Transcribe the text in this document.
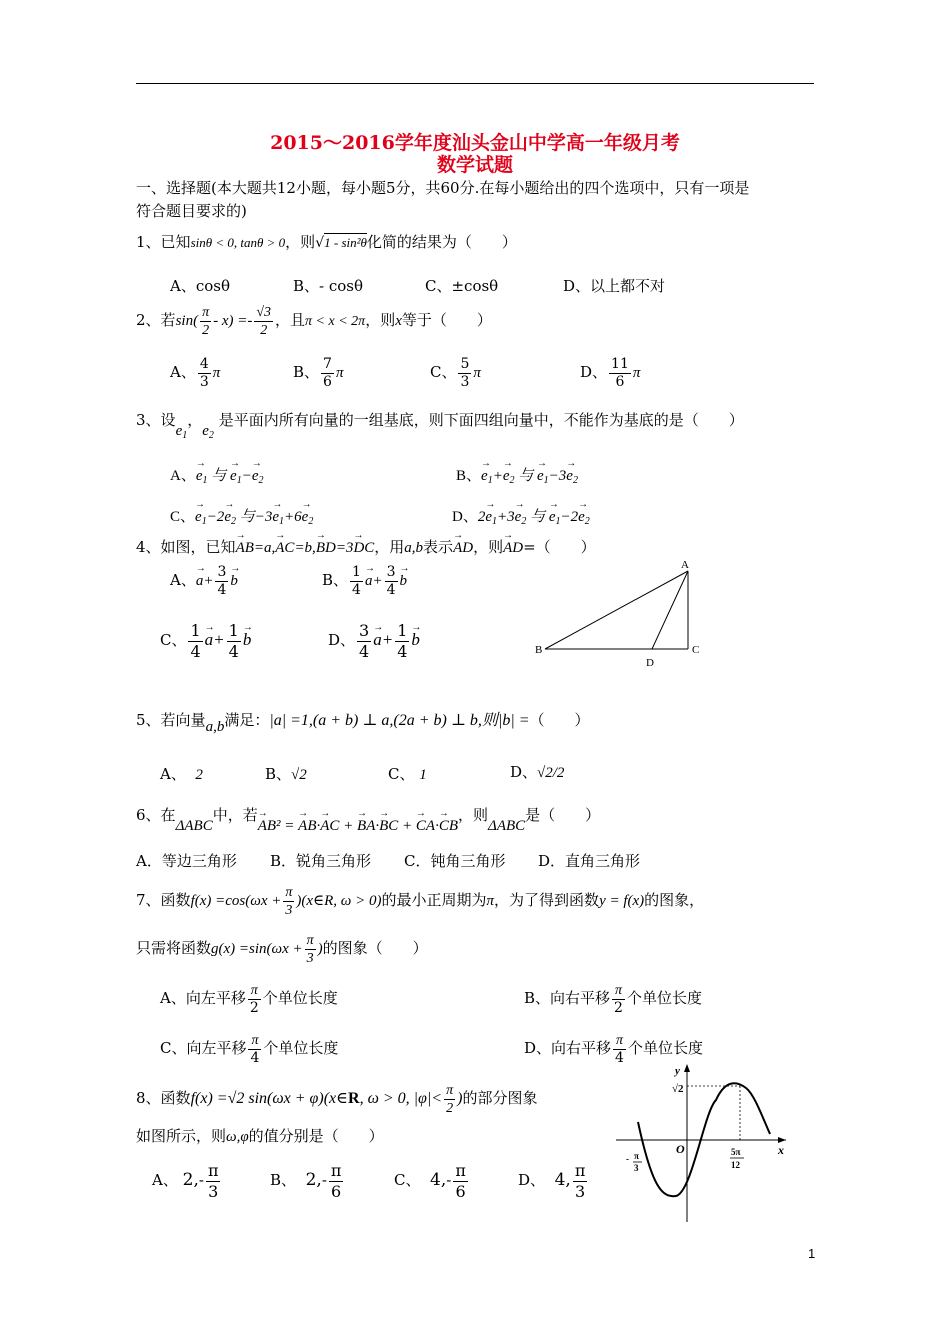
2015～2016学年度汕头金山中学高一年级月考
数学试题
一、选择题(本大题共12小题，每小题5分，共60分.在每小题给出的四个选项中，只有一项是
符合题目要求的)
1、已知sinθ < 0, tanθ > 0，则√1 - sin²θ化简的结果为（　　）
A、cosθ	B、- cosθ	C、±cosθ	D、以上都不对
2、若$\sin( \frac{\pi}{2} - x) =- \frac{√3}{2}$ ，且π < x < 2π，则x等于（　　）
A、 $\frac{4}{3}$ π	B、 $\frac{7}{6}$ π	C、 $\frac{5}{3}$ π	D、 $\frac{11}{6}$ π
3、设$e_1$，$e_2$ 是平面内所有向量的一组基底，则下面四组向量中，不能作为基底的是（　　）
A、→ $e_1$ 与 → $e_1-\to e_2$	B、→ $e_1+\to e_2$ 与 → $e_1-3\to e_2$
C、→ $e_1-2\to e_2$ 与$-3\to e_1+6\to e_2$	D、$2\to e_1+3\to e_2$ 与 → $e_1-2\to e_2$
4、如图，已知→ AB=a,→ AC=b,→ BD=3→ DC，用a,b表示→ AD，则→ AD=（　　）
A、→ $a+ \frac{3}{4}$
→ b	B、 $\frac{1}{4}$
→ $a+ \frac{3}{4}$
→ b
C、 $\frac{1}{4}$
→ $a+ \frac{1}{4}$
→ b	D、 $\frac{3}{4}$
→ $a+ \frac{1}{4}$
→ b
A
B	C
D
5、若向量a,b满足：|a| =1,(a + b) ⊥ a,(2a + b) ⊥ b,则|b| =（　　）
A、 2	B、√2	C、 1	D、√2/2
6、在ΔABC中，若→ AB² = → AB·→ AC + → BA·→ BC + → CA·→ CB，则ΔABC是（　　）
A．等边三角形 B．锐角三角形 C．钝角三角形 D．直角三角形
7、函数$f(x) =\cos(\omega x + \frac{\pi}{3}$ )(x∈R, ω > 0)的最小正周期为π，为了得到函数y = f(x)的图象，
只需将函数$g(x) =\sin(\omega x + \frac{\pi}{3}$ )的图象（　　）
A、向左平移 $\frac{\pi}{2}$ 个单位长度	B、向右平移 $\frac{\pi}{2}$ 个单位长度
C、向左平移 $\frac{\pi}{4}$ 个单位长度	D、向右平移 $\frac{\pi}{4}$ 个单位长度
8、函数f(x) =√2 sin(ωx + φ)(x∈R, ω > 0, $|\varphi|< \frac{\pi}{2}$ )的部分图象
如图所示，则ω,φ的值分别是（　　）
A、 $2,- \frac{\pi}{3}$	B、 $2,- \frac{\pi}{6}$	C、 $4,- \frac{\pi}{6}$	D、 4, $\frac{\pi}{3}$
y
x
O
√2
- π
3
5π
12
1
